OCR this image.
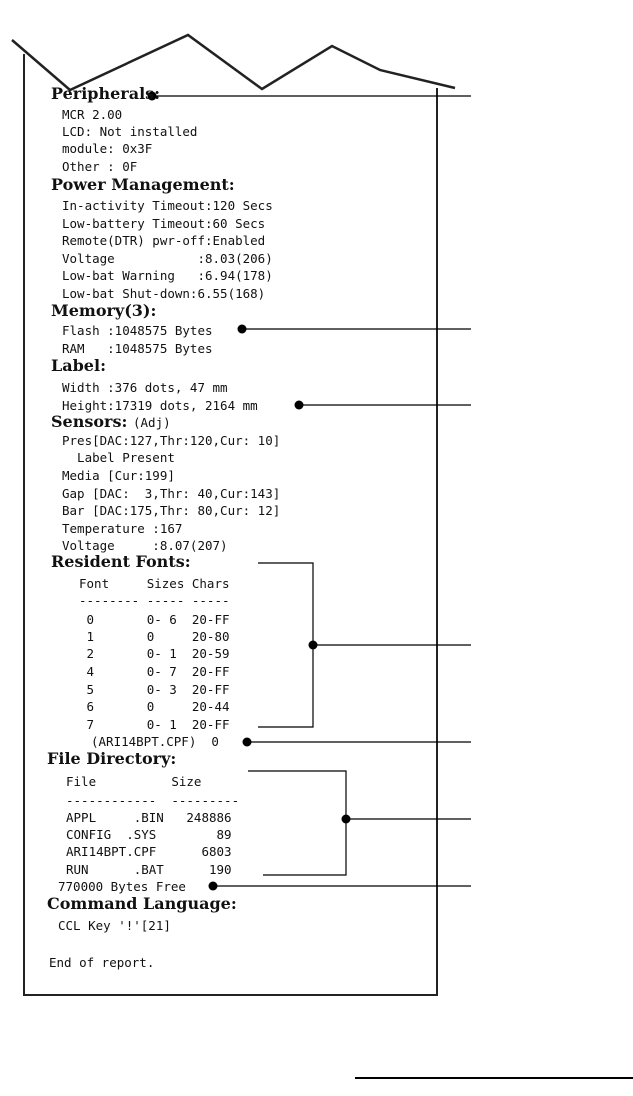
Peripherals:
MCR 2.00
LCD: Not installed
module: 0x3F
Other : 0F
Power Management:
In-activity Timeout:120 Secs
Low-battery Timeout:60 Secs
Remote(DTR) pwr-off:Enabled
Voltage           :8.03(206)
Low-bat Warning   :6.94(178)
Low-bat Shut-down:6.55(168)
Memory(3):
Flash :1048575 Bytes
RAM   :1048575 Bytes
Label:
Width :376 dots, 47 mm
Height:17319 dots, 2164 mm
Sensors: (Adj)
Pres[DAC:127,Thr:120,Cur: 10]
Label Present
Media [Cur:199]
Gap [DAC:  3,Thr: 40,Cur:143]
Bar [DAC:175,Thr: 80,Cur: 12]
Temperature :167
Voltage     :8.07(207)
Resident Fonts:
Font     Sizes Chars
-------- ----- -----
0       0- 6  20-FF
1       0     20-80
2       0- 1  20-59
4       0- 7  20-FF
5       0- 3  20-FF
6       0     20-44
7       0- 1  20-FF
(ARI14BPT.CPF)  0
File Directory:
File          Size
------------  ---------
APPL     .BIN   248886
CONFIG  .SYS        89
ARI14BPT.CPF      6803
RUN      .BAT      190
770000 Bytes Free
Command Language:
CCL Key '!'[21]
End of report.
